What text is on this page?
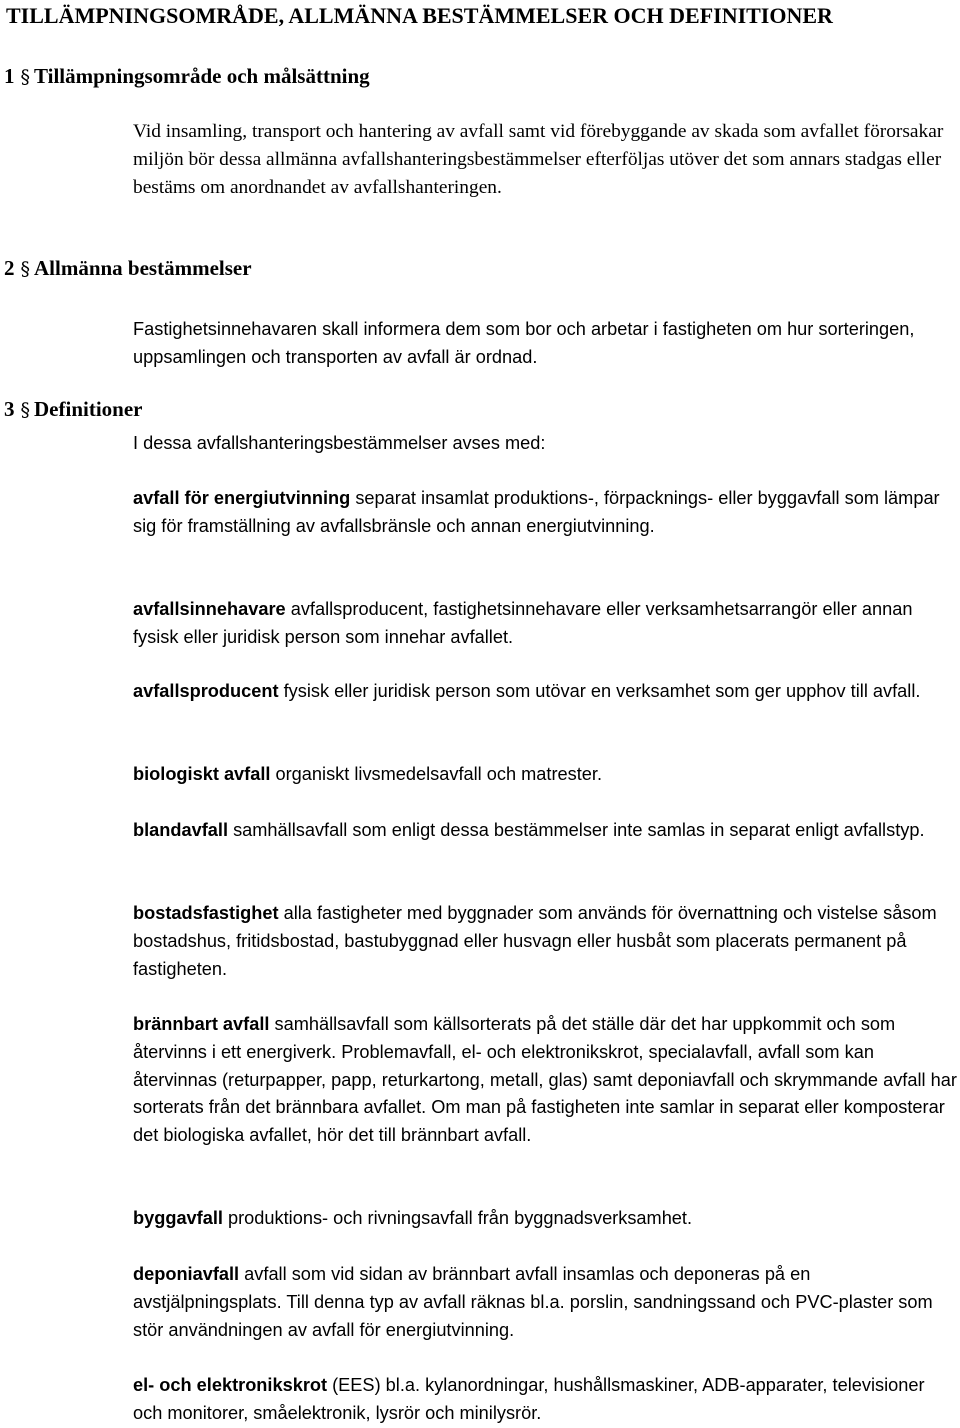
TILLÄMPNINGSOMRÅDE, ALLMÄNNA BESTÄMMELSER OCH DEFINITIONER
1 § Tillämpningsområde och målsättning

Vid insamling, transport och hantering av avfall samt vid förebyggande av skada som avfallet förorsakar miljön bör dessa allmänna avfallshanteringsbestämmelser efterföljas utöver det som annars stadgas eller bestäms om anordnandet av avfallshanteringen.

2 § Allmänna bestämmelser

Fastighetsinnehavaren skall informera dem som bor och arbetar i fastigheten om hur sorteringen, uppsamlingen och transporten av avfall är ordnad.

3 § Definitioner

I dessa avfallshanteringsbestämmelser avses med:

avfall för energiutvinning separat insamlat produktions-, förpacknings- eller byggavfall som lämpar sig för framställning av avfallsbränsle och annan energiutvinning.

avfallsinnehavare avfallsproducent, fastighetsinnehavare eller verksamhetsarrangör eller annan fysisk eller juridisk person som innehar avfallet.

avfallsproducent fysisk eller juridisk person som utövar en verksamhet som ger upphov till avfall.

biologiskt avfall organiskt livsmedelsavfall och matrester.

blandavfall samhällsavfall som enligt dessa bestämmelser inte samlas in separat enligt avfallstyp.

bostadsfastighet alla fastigheter med byggnader som används för övernattning och vistelse såsom bostadshus, fritidsbostad, bastubyggnad eller husvagn eller husbåt som placerats permanent på fastigheten.

brännbart avfall samhällsavfall som källsorterats på det ställe där det har uppkommit och som återvinns i ett energiverk. Problemavfall, el- och elektronikskrot, specialavfall, avfall som kan återvinnas (returpapper, papp, returkartong, metall, glas) samt deponiavfall och skrymmande avfall har sorterats från det brännbara avfallet. Om man på fastigheten inte samlar in separat eller komposterar det biologiska avfallet, hör det till brännbart avfall.

byggavfall produktions- och rivningsavfall från byggnadsverksamhet.

deponiavfall avfall som vid sidan av brännbart avfall insamlas och deponeras på en avstjälpningsplats. Till denna typ av avfall räknas bl.a. porslin, sandningssand och PVC-plaster som stör användningen av avfall för energiutvinning.

el- och elektronikskrot (EES) bl.a. kylanordningar, hushållsmaskiner, ADB-apparater, televisioner och monitorer, småelektronik, lysrör och minilysrör.
